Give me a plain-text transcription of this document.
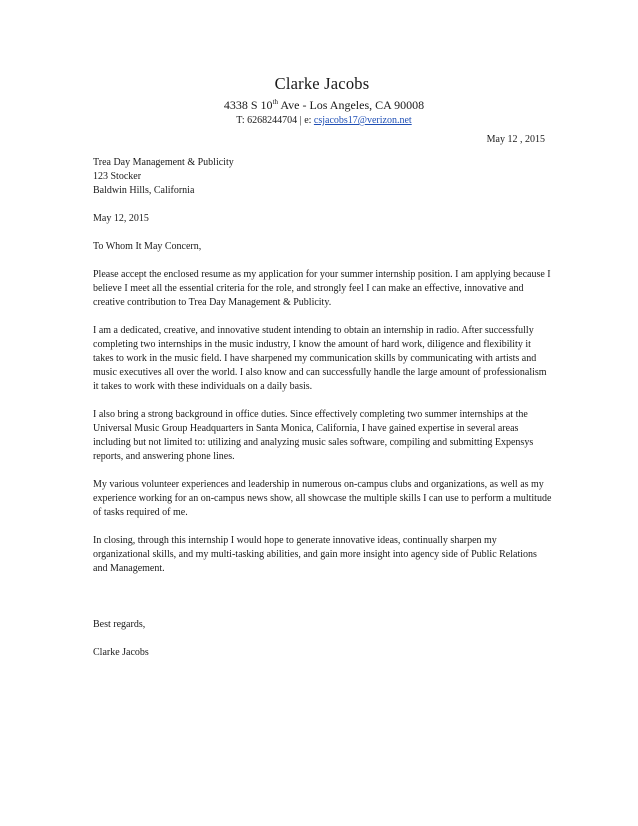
Clarke Jacobs
4338 S 10th Ave - Los Angeles, CA 90008
T: 6268244704 | e: csjacobs17@verizon.net
May 12 , 2015

Trea Day Management & Publicity
123 Stocker
Baldwin Hills, California

May 12, 2015

To Whom It May Concern,

Please accept the enclosed resume as my application for your summer internship position. I am applying because I believe I meet all the essential criteria for the role, and strongly feel I can make an effective, innovative and creative contribution to Trea Day Management & Publicity.

I am a dedicated, creative, and innovative student intending to obtain an internship in radio. After successfully completing two internships in the music industry, I know the amount of hard work, diligence and flexibility it takes to work in the music field. I have sharpened my communication skills by communicating with artists and music executives all over the world. I also know and can successfully handle the large amount of professionalism it takes to work with these individuals on a daily basis.

I also bring a strong background in office duties. Since effectively completing two summer internships at the Universal Music Group Headquarters in Santa Monica, California, I have gained expertise in several areas including but not limited to: utilizing and analyzing music sales software, compiling and submitting Expensys reports, and answering phone lines.

My various volunteer experiences and leadership in numerous on-campus clubs and organizations, as well as my experience working for an on-campus news show, all showcase the multiple skills I can use to perform a multitude of tasks required of me.

In closing, through this internship I would hope to generate innovative ideas, continually sharpen my organizational skills, and my multi-tasking abilities, and gain more insight into agency side of Public Relations and Management.

Best regards,

Clarke Jacobs
